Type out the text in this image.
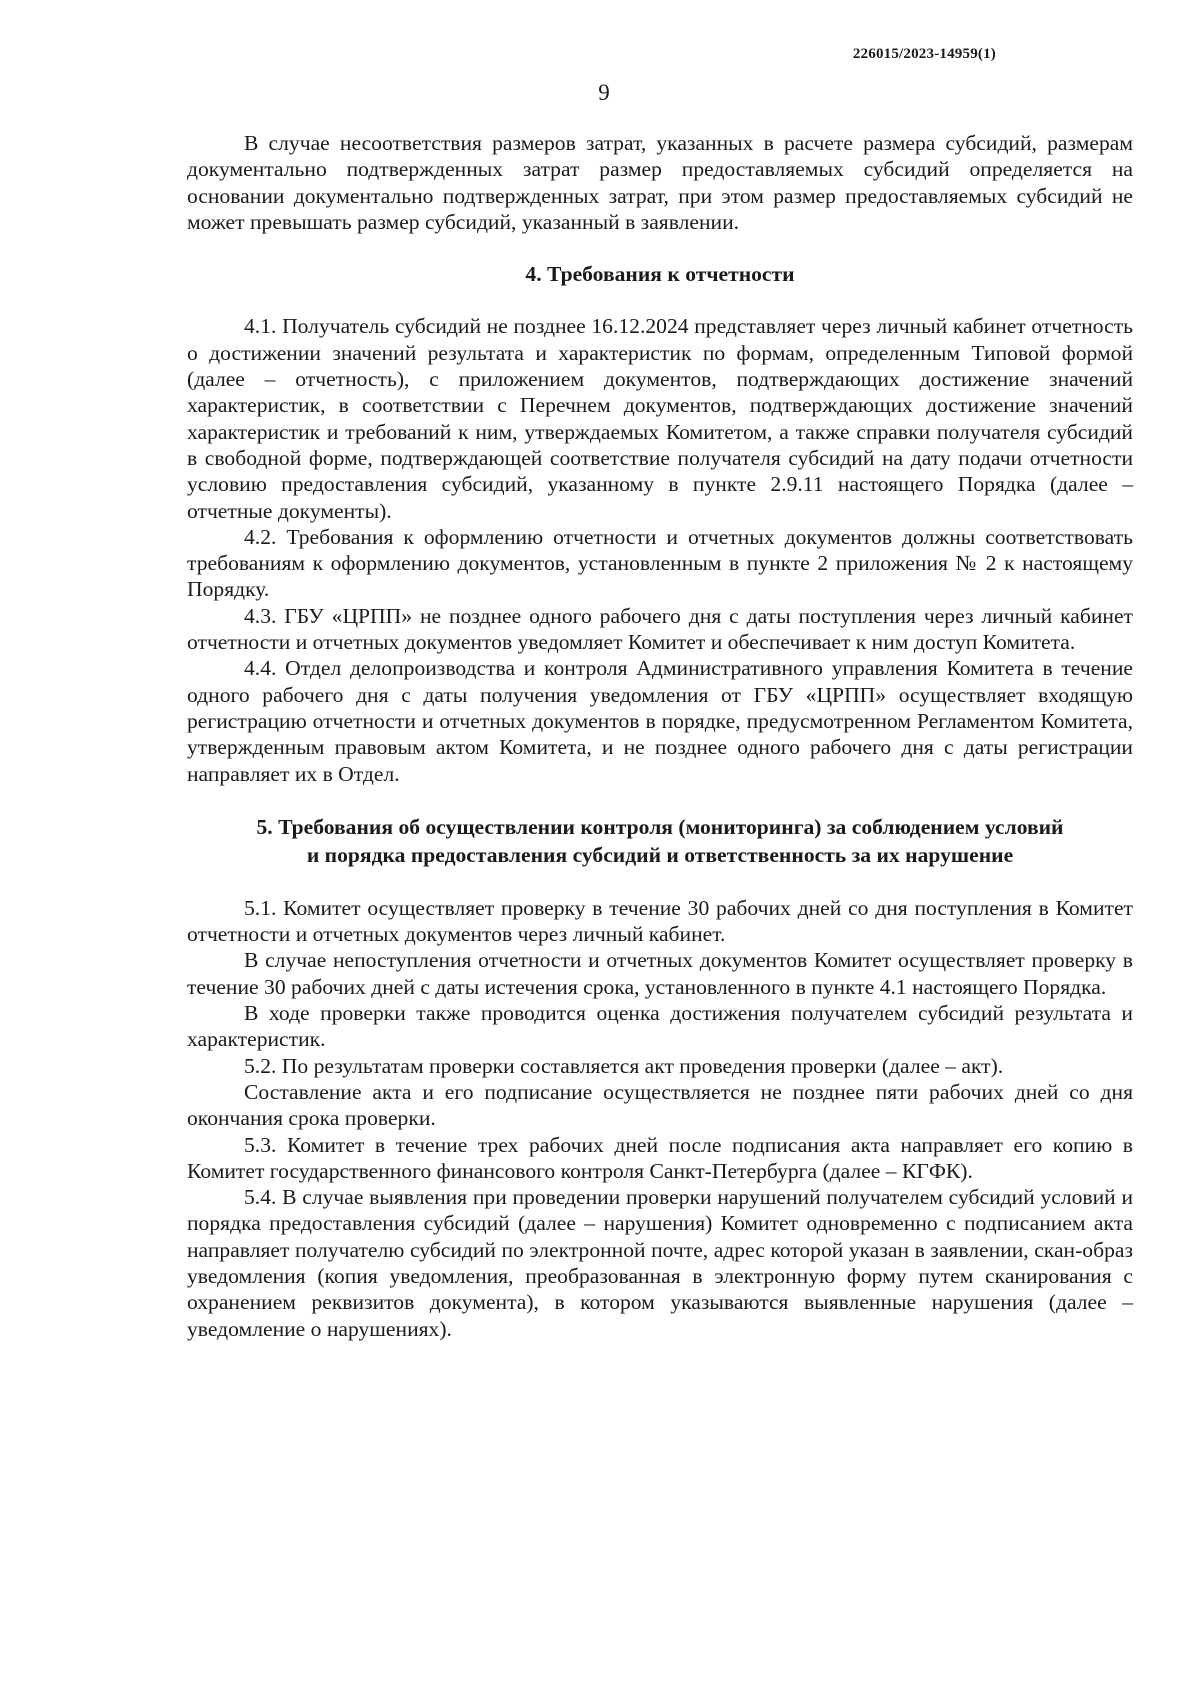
226015/2023-14959(1)
9

В случае несоответствия размеров затрат, указанных в расчете размера субсидий, размерам документально подтвержденных затрат размер предоставляемых субсидий определяется на основании документально подтвержденных затрат, при этом размер предоставляемых субсидий не может превышать размер субсидий, указанный в заявлении.

4. Требования к отчетности

4.1. Получатель субсидий не позднее 16.12.2024 представляет через личный кабинет отчетность о достижении значений результата и характеристик по формам, определенным Типовой формой (далее – отчетность), с приложением документов, подтверждающих достижение значений характеристик, в соответствии с Перечнем документов, подтверждающих достижение значений характеристик и требований к ним, утверждаемых Комитетом, а также справки получателя субсидий в свободной форме, подтверждающей соответствие получателя субсидий на дату подачи отчетности условию предоставления субсидий, указанному в пункте 2.9.11 настоящего Порядка (далее – отчетные документы).

4.2. Требования к оформлению отчетности и отчетных документов должны соответствовать требованиям к оформлению документов, установленным в пункте 2 приложения № 2 к настоящему Порядку.

4.3. ГБУ «ЦРПП» не позднее одного рабочего дня с даты поступления через личный кабинет отчетности и отчетных документов уведомляет Комитет и обеспечивает к ним доступ Комитета.

4.4. Отдел делопроизводства и контроля Административного управления Комитета в течение одного рабочего дня с даты получения уведомления от ГБУ «ЦРПП» осуществляет входящую регистрацию отчетности и отчетных документов в порядке, предусмотренном Регламентом Комитета, утвержденным правовым актом Комитета, и не позднее одного рабочего дня с даты регистрации направляет их в Отдел.

5. Требования об осуществлении контроля (мониторинга) за соблюдением условий
и порядка предоставления субсидий и ответственность за их нарушение

5.1. Комитет осуществляет проверку в течение 30 рабочих дней со дня поступления в Комитет отчетности и отчетных документов через личный кабинет.

В случае непоступления отчетности и отчетных документов Комитет осуществляет проверку в течение 30 рабочих дней с даты истечения срока, установленного в пункте 4.1 настоящего Порядка.

В ходе проверки также проводится оценка достижения получателем субсидий результата и характеристик.

5.2. По результатам проверки составляется акт проведения проверки (далее – акт).

Составление акта и его подписание осуществляется не позднее пяти рабочих дней со дня окончания срока проверки.

5.3. Комитет в течение трех рабочих дней после подписания акта направляет его копию в Комитет государственного финансового контроля Санкт-Петербурга (далее – КГФК).

5.4. В случае выявления при проведении проверки нарушений получателем субсидий условий и порядка предоставления субсидий (далее – нарушения) Комитет одновременно с подписанием акта направляет получателю субсидий по электронной почте, адрес которой указан в заявлении, скан-образ уведомления (копия уведомления, преобразованная в электронную форму путем сканирования с охранением реквизитов документа), в котором указываются выявленные нарушения (далее – уведомление о нарушениях).
